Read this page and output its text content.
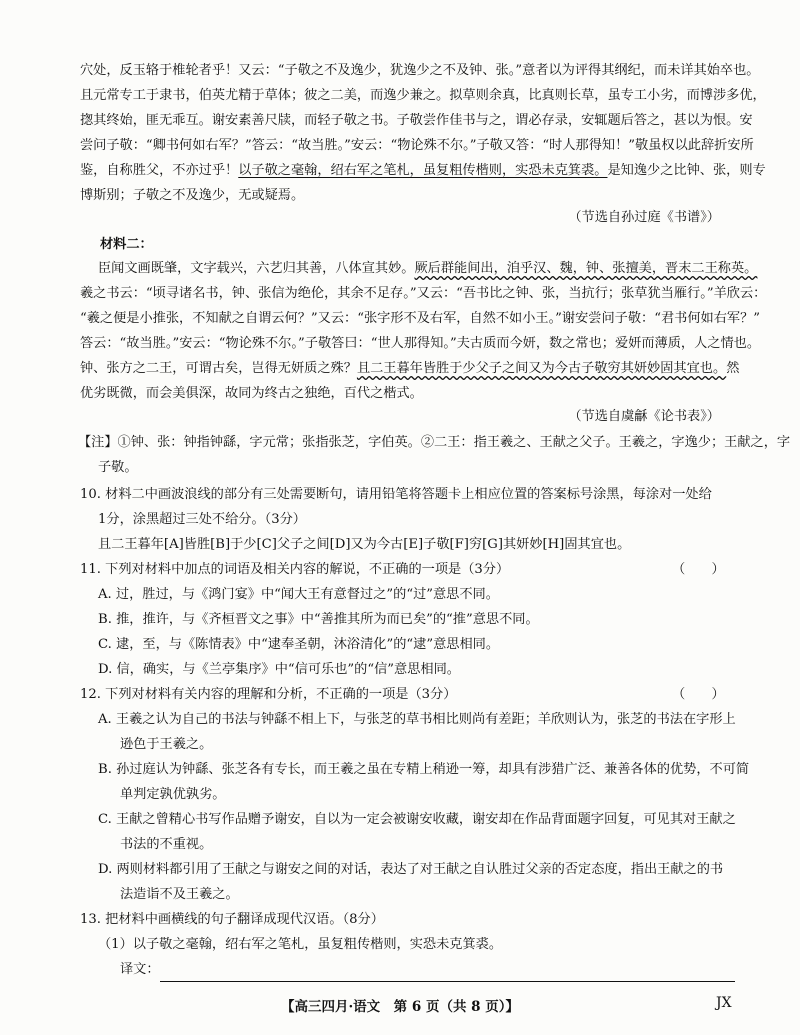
穴处，反玉辂于椎轮者乎！又云：“子敬之不及逸少，犹逸少之不及钟、张。”意者以为评得其纲纪，而未详其始卒也。
且元常专工于隶书，伯英尤精于草体；彼之二美，而逸少兼之。拟草则余真，比真则长草，虽专工小劣，而博涉多优，
揔其终始，匪无乖互。谢安素善尺牍，而轻子敬之书。子敬尝作佳书与之，谓必存录，安辄题后答之，甚以为恨。安
尝问子敬：“卿书何如右军？”答云：“故当胜。”安云：“物论殊不尔。”子敬又答：“时人那得知！”敬虽权以此辞折安所
鉴，自称胜父，不亦过乎！以子敬之毫翰，绍右军之笔札，虽复粗传楷则，实恐未克箕裘。是知逸少之比钟、张，则专
博斯别；子敬之不及逸少，无或疑焉。
（节选自孙过庭《书谱》）
材料二：
臣闻文画既肇，文字载兴，六艺归其善，八体宣其妙。厥后群能间出，洎乎汉、魏，钟、张擅美，晋末二王称英。
羲之书云：“顷寻诸名书，钟、张信为绝伦，其余不足存。”又云：“吾书比之钟、张，当抗行；张草犹当雁行。”羊欣云：
“羲之便是小推张，不知献之自谓云何？”又云：“张字形不及右军，自然不如小王。”谢安尝问子敬：“君书何如右军？”
答云：“故当胜。”安云：“物论殊不尔。”子敬答曰：“世人那得知。”夫古质而今妍，数之常也；爱妍而薄质，人之情也。
钟、张方之二王，可谓古矣，岂得无妍质之殊？且二王暮年皆胜于少父子之间又为今古子敬穷其妍妙固其宜也。然
优劣既微，而会美俱深，故同为终古之独绝，百代之楷式。
（节选自虞龢《论书表》）
【注】①钟、张：钟指钟繇，字元常；张指张芝，字伯英。②二王：指王羲之、王献之父子。王羲之，字逸少；王献之，字
子敬。
10. 材料二中画波浪线的部分有三处需要断句，请用铅笔将答题卡上相应位置的答案标号涂黑，每涂对一处给
1分，涂黑超过三处不给分。（3分）
且二王暮年[A]皆胜[B]于少[C]父子之间[D]又为今古[E]子敬[F]穷[G]其妍妙[H]固其宜也。
11. 下列对材料中加点的词语及相关内容的解说，不正确的一项是（3分）	（　　）
A. 过，胜过，与《鸿门宴》中“闻大王有意督过之”的“过”意思不同。
B. 推，推许，与《齐桓晋文之事》中“善推其所为而已矣”的“推”意思不同。
C. 逮，至，与《陈情表》中“逮奉圣朝，沐浴清化”的“逮”意思相同。
D. 信，确实，与《兰亭集序》中“信可乐也”的“信”意思相同。
12. 下列对材料有关内容的理解和分析，不正确的一项是（3分）	（　　）
A. 王羲之认为自己的书法与钟繇不相上下，与张芝的草书相比则尚有差距；羊欣则认为，张芝的书法在字形上
逊色于王羲之。
B. 孙过庭认为钟繇、张芝各有专长，而王羲之虽在专精上稍逊一筹，却具有涉猎广泛、兼善各体的优势，不可简
单判定孰优孰劣。
C. 王献之曾精心书写作品赠予谢安，自以为一定会被谢安收藏，谢安却在作品背面题字回复，可见其对王献之
书法的不重视。
D. 两则材料都引用了王献之与谢安之间的对话，表达了对王献之自认胜过父亲的否定态度，指出王献之的书
法造诣不及王羲之。
13. 把材料中画横线的句子翻译成现代汉语。（8分）
（1）以子敬之毫翰，绍右军之笔札，虽复粗传楷则，实恐未克箕裘。
译文：
【高三四月·语文　第 6 页（共 8 页）】	JX
